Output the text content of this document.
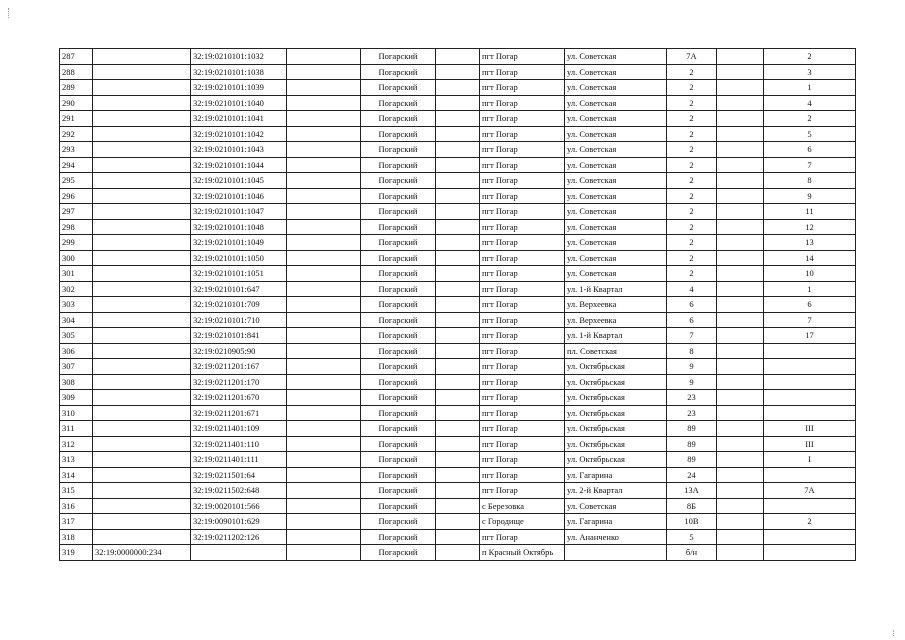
287		32:19:0210101:1032		Погарский		пгт Погар	ул. Советская	7А		2
288		32:19:0210101:1038		Погарский		пгт Погар	ул. Советская	2		3
289		32:19:0210101:1039		Погарский		пгт Погар	ул. Советская	2		1
290		32:19:0210101:1040		Погарский		пгт Погар	ул. Советская	2		4
291		32:19:0210101:1041		Погарский		пгт Погар	ул. Советская	2		2
292		32:19:0210101:1042		Погарский		пгт Погар	ул. Советская	2		5
293		32:19:0210101:1043		Погарский		пгт Погар	ул. Советская	2		6
294		32:19:0210101:1044		Погарский		пгт Погар	ул. Советская	2		7
295		32:19:0210101:1045		Погарский		пгт Погар	ул. Советская	2		8
296		32:19:0210101:1046		Погарский		пгт Погар	ул. Советская	2		9
297		32:19:0210101:1047		Погарский		пгт Погар	ул. Советская	2		11
298		32:19:0210101:1048		Погарский		пгт Погар	ул. Советская	2		12
299		32:19:0210101:1049		Погарский		пгт Погар	ул. Советская	2		13
300		32:19:0210101:1050		Погарский		пгт Погар	ул. Советская	2		14
301		32:19:0210101:1051		Погарский		пгт Погар	ул. Советская	2		10
302		32:19:0210101:647		Погарский		пгт Погар	ул. 1-й Квартал	4		1
303		32:19:0210101:709		Погарский		пгт Погар	ул. Верхеевка	6		6
304		32:19:0210101:710		Погарский		пгт Погар	ул. Верхеевка	6		7
305		32:19:0210101:841		Погарский		пгт Погар	ул. 1-й Квартал	7		17
306		32:19:0210905:90		Погарский		пгт Погар	пл. Советская	8		
307		32:19:0211201:167		Погарский		пгт Погар	ул. Октябрьская	9		
308		32:19:0211201:170		Погарский		пгт Погар	ул. Октябрьская	9		
309		32:19:0211201:670		Погарский		пгт Погар	ул. Октябрьская	23		
310		32:19:0211201:671		Погарский		пгт Погар	ул. Октябрьская	23		
311		32:19:0211401:109		Погарский		пгт Погар	ул. Октябрьская	89		III
312		32:19:0211401:110		Погарский		пгт Погар	ул. Октябрьская	89		III
313		32:19:0211401:111		Погарский		пгт Погар	ул. Октябрьская	89		I
314		32:19:0211501:64		Погарский		пгт Погар	ул. Гагарина	24		
315		32:19:0211502:648		Погарский		пгт Погар	ул. 2-й Квартал	13А		7А
316		32:19:0020101:566		Погарский		с Березовка	ул. Советская	8Б		
317		32:19:0090101:629		Погарский		с Городище	ул. Гагарина	10В		2
318		32:19:0211202:126		Погарский		пгт Погар	ул. Ананченко	5		
319	32:19:0000000:234			Погарский		п Красный Октябрь		б/н		
